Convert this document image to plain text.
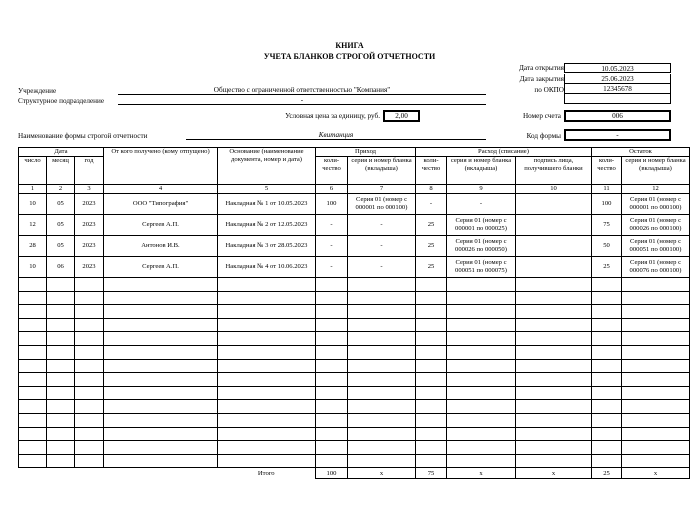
КНИГА
УЧЕТА БЛАНКОВ СТРОГОЙ ОТЧЕТНОСТИ
Дата открытия	10.05.2023
Дата закрытия	25.06.2023
по ОКПО	12345678
Учреждение	Общество с ограниченной ответственностью "Компания"
Структурное подразделение	-
Условная цена за единицу, руб.	2,00	Номер счета	006
Наименование формы строгой отчетности	Квитанция	Код формы	-
Дата			От кого получено (кому отпущено)	Основание (наименование документа, номер и дата)	Приход		Расход (списание)			Остаток	
число	месяц	год			коли-чество	серия и номер бланка (вкладыша)	коли-чество	серия и номер бланка (вкладыша)	подпись лица, получившего бланки	коли-чество	серия и номер бланка (вкладыша)
1	2	3	4	5	6	7	8	9	10	11	12
10	05	2023	ООО "Типография"	Накладная № 1 от 10.05.2023	100	Серия 01 (номер с 000001 по 000100)	-	-		100	Серия 01 (номер с 000001 по 000100)
12	05	2023	Сергеев А.П.	Накладная № 2 от 12.05.2023	-	-	25	Серия 01 (номер с 000001 по 000025)		75	Серия 01 (номер с 000026 по 000100)
28	05	2023	Антонов И.В.	Накладная № 3 от 28.05.2023	-	-	25	Серия 01 (номер с 000026 по 000050)		50	Серия 01 (номер с 000051 по 000100)
10	06	2023	Сергеев А.П.	Накладная № 4 от 10.06.2023	-	-	25	Серия 01 (номер с 000051 по 000075)		25	Серия 01 (номер с 000076 по 000100)

				Итого	100	х	75	х	х	25	х
